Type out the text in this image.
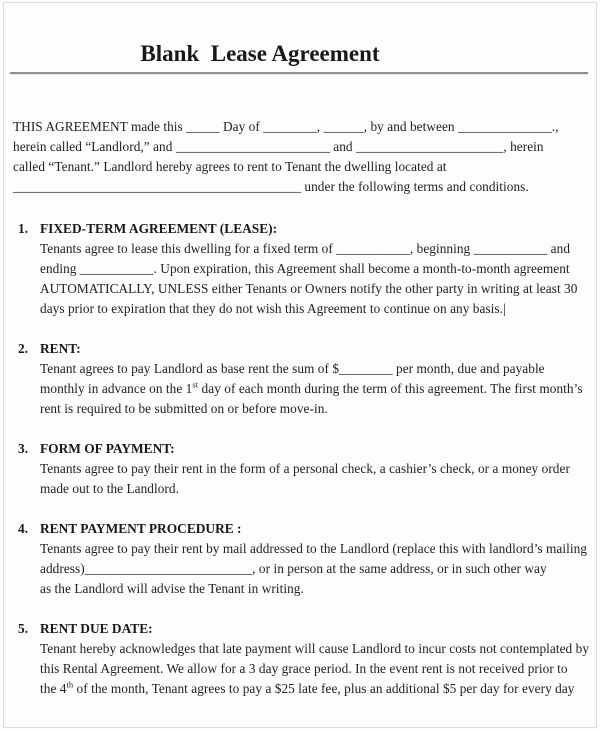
Blank  Lease Agreement
THIS AGREEMENT made this _____ Day of ________, ______, by and between ______________.,
herein called “Landlord,” and _______________________ and ______________________, herein
called “Tenant.” Landlord hereby agrees to rent to Tenant the dwelling located at
___________________________________________ under the following terms and conditions.
1. FIXED-TERM AGREEMENT (LEASE):
Tenants agree to lease this dwelling for a fixed term of ___________, beginning ___________ and
ending ___________. Upon expiration, this Agreement shall become a month-to-month agreement
AUTOMATICALLY, UNLESS either Tenants or Owners notify the other party in writing at least 30
days prior to expiration that they do not wish this Agreement to continue on any basis.|
2. RENT:
Tenant agrees to pay Landlord as base rent the sum of $________ per month, due and payable
monthly in advance on the 1st day of each month during the term of this agreement. The first month’s
rent is required to be submitted on or before move-in.
3. FORM OF PAYMENT:
Tenants agree to pay their rent in the form of a personal check, a cashier’s check, or a money order
made out to the Landlord.
4. RENT PAYMENT PROCEDURE :
Tenants agree to pay their rent by mail addressed to the Landlord (replace this with landlord’s mailing
address)_________________________, or in person at the same address, or in such other way
as the Landlord will advise the Tenant in writing.
5. RENT DUE DATE:
Tenant hereby acknowledges that late payment will cause Landlord to incur costs not contemplated by
this Rental Agreement. We allow for a 3 day grace period. In the event rent is not received prior to
the 4th of the month, Tenant agrees to pay a $25 late fee, plus an additional $5 per day for every day
